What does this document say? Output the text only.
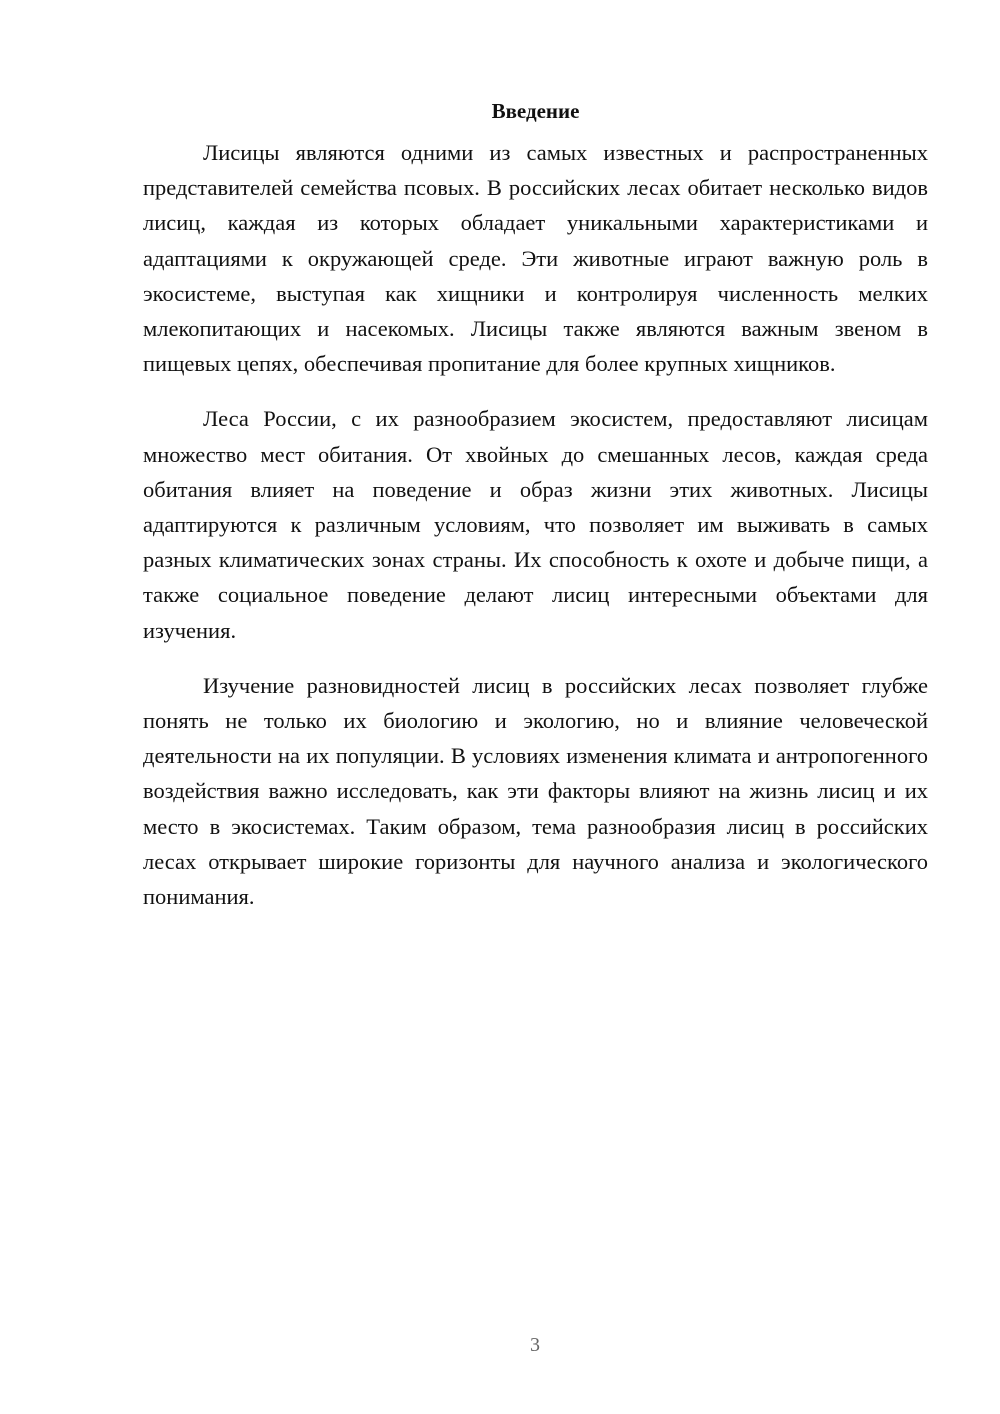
Введение

Лисицы являются одними из самых известных и распространенных представителей семейства псовых. В российских лесах обитает несколько видов лисиц, каждая из которых обладает уникальными характеристиками и адаптациями к окружающей среде. Эти животные играют важную роль в экосистеме, выступая как хищники и контролируя численность мелких млекопитающих и насекомых. Лисицы также являются важным звеном в пищевых цепях, обеспечивая пропитание для более крупных хищников.

Леса России, с их разнообразием экосистем, предоставляют лисицам множество мест обитания. От хвойных до смешанных лесов, каждая среда обитания влияет на поведение и образ жизни этих животных. Лисицы адаптируются к различным условиям, что позволяет им выживать в самых разных климатических зонах страны. Их способность к охоте и добыче пищи, а также социальное поведение делают лисиц интересными объектами для изучения.

Изучение разновидностей лисиц в российских лесах позволяет глубже понять не только их биологию и экологию, но и влияние человеческой деятельности на их популяции. В условиях изменения климата и антропогенного воздействия важно исследовать, как эти факторы влияют на жизнь лисиц и их место в экосистемах. Таким образом, тема разнообразия лисиц в российских лесах открывает широкие горизонты для научного анализа и экологического понимания.

3
